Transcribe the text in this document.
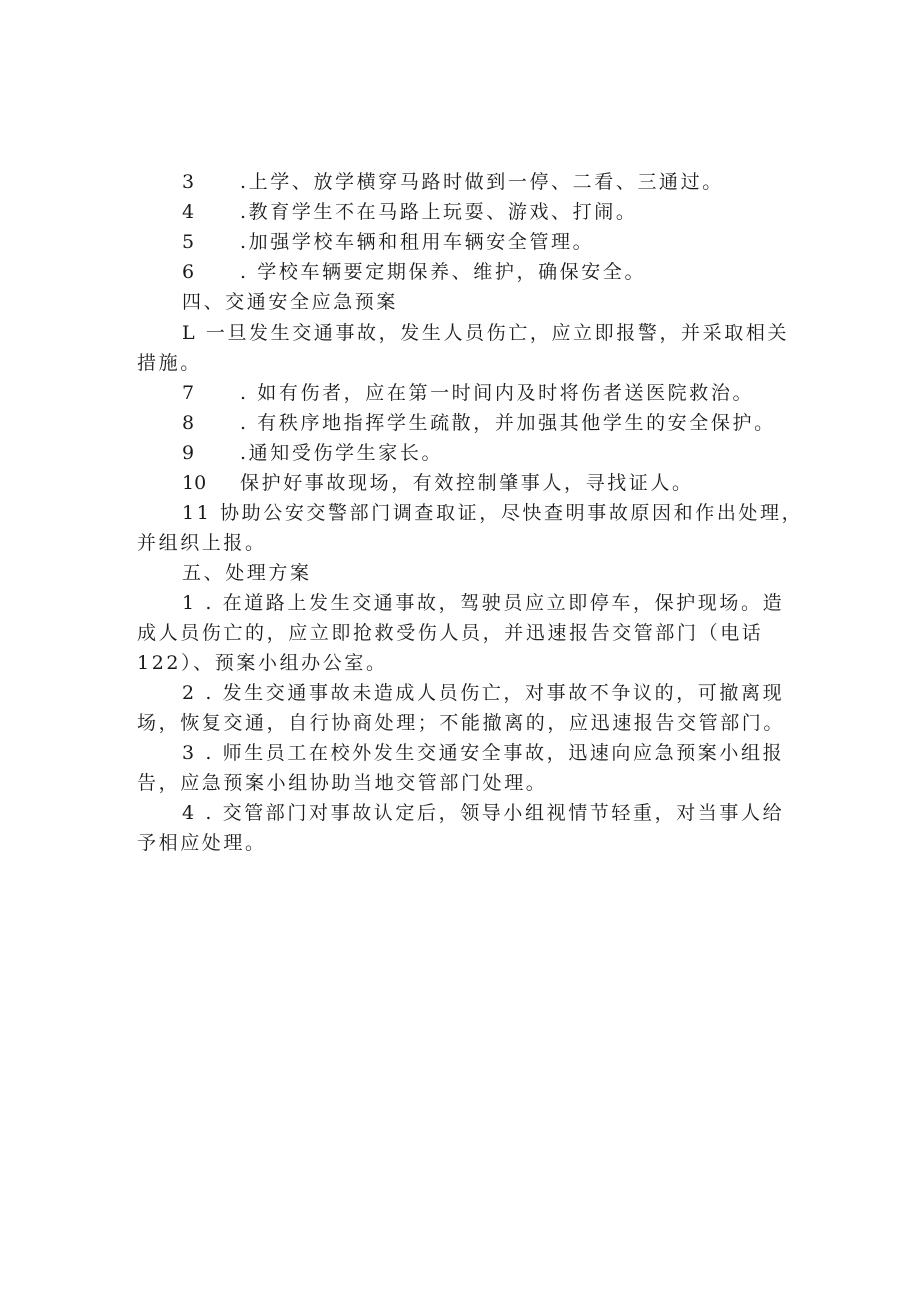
3 .上学、放学横穿马路时做到一停、二看、三通过。
4 .教育学生不在马路上玩耍、游戏、打闹。
5 .加强学校车辆和租用车辆安全管理。
6 . 学校车辆要定期保养、维护，确保安全。
四、交通安全应急预案
L 一旦发生交通事故，发生人员伤亡，应立即报警，并采取相关
措施。
7 . 如有伤者，应在第一时间内及时将伤者送医院救治。
8 . 有秩序地指挥学生疏散，并加强其他学生的安全保护。
9 .通知受伤学生家长。
10 保护好事故现场，有效控制肇事人，寻找证人。
11 协助公安交警部门调查取证，尽快查明事故原因和作出处理，
并组织上报。
五、处理方案
1 . 在道路上发生交通事故，驾驶员应立即停车，保护现场。造
成人员伤亡的，应立即抢救受伤人员，并迅速报告交管部门（电话
122）、预案小组办公室。
2 . 发生交通事故未造成人员伤亡，对事故不争议的，可撤离现
场，恢复交通，自行协商处理；不能撤离的，应迅速报告交管部门。
3 . 师生员工在校外发生交通安全事故，迅速向应急预案小组报
告，应急预案小组协助当地交管部门处理。
4 . 交管部门对事故认定后，领导小组视情节轻重，对当事人给
予相应处理。
